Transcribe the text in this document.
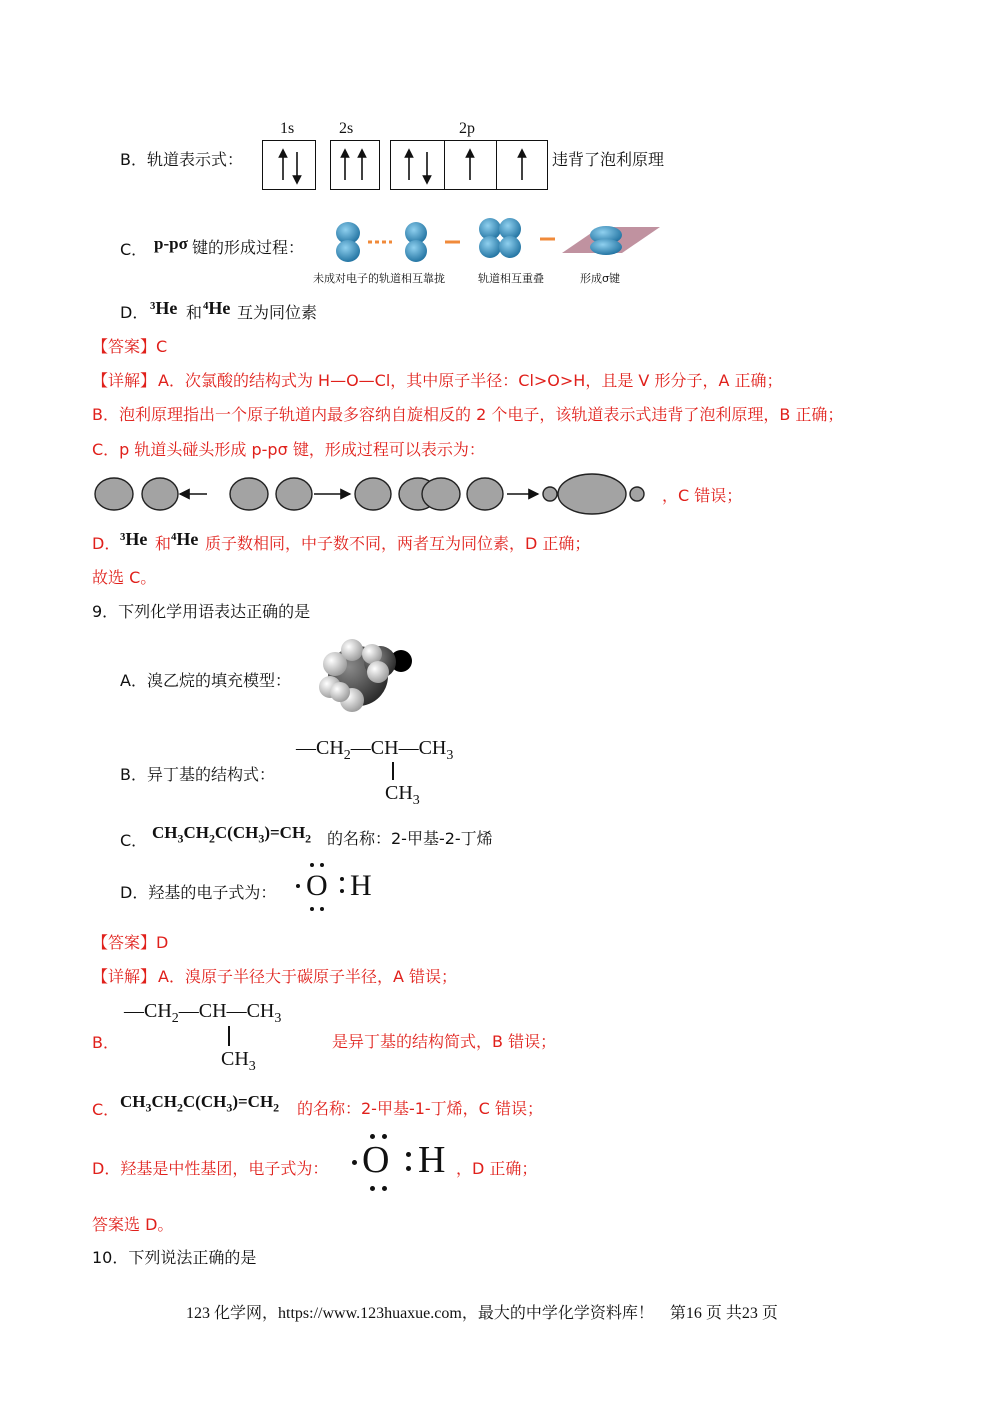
B．轨道表示式：
1s	2s	2p
违背了泡利原理
C． p-pσ 键的形成过程：
未成对电子的轨道相互靠拢	轨道相互重叠	形成σ键
D． ³He 和 ⁴He 互为同位素
【答案】C
【详解】 A．次氯酸的结构式为 H—O—Cl，其中原子半径：Cl>O>H，且是 V 形分子，A 正确；
B．泡利原理指出一个原子轨道内最多容纳自旋相反的 2 个电子，该轨道表示式违背了泡利原理，B 正确；
C．p 轨道头碰头形成 p-pσ 键，形成过程可以表示为：
，C 错误；
D． ³He 和 ⁴He 质子数相同，中子数不同，两者互为同位素，D 正确；
故选 C。
9．下列化学用语表达正确的是
A．溴乙烷的填充模型：
B．异丁基的结构式：
$—CH_2—CH—CH_3$
$CH_3$
C． $CH_3CH_2C(CH_3)=CH_2$ 的名称：2-甲基-2-丁烯
D．羟基的电子式为： O H
【答案】D
【详解】 A．溴原子半径大于碳原子半径，A 错误；
B．
$—CH_2—CH—CH_3$
$CH_3$
是异丁基的结构简式，B 错误；
C． $CH_3CH_2C(CH_3)=CH_2$ 的名称：2-甲基-1-丁烯，C 错误；
D．羟基是中性基团，电子式为： O H ，D 正确；
答案选 D。
10．下列说法正确的是
123 化学网，https://www.123huaxue.com，最大的中学化学资料库！　第16 页 共23 页
